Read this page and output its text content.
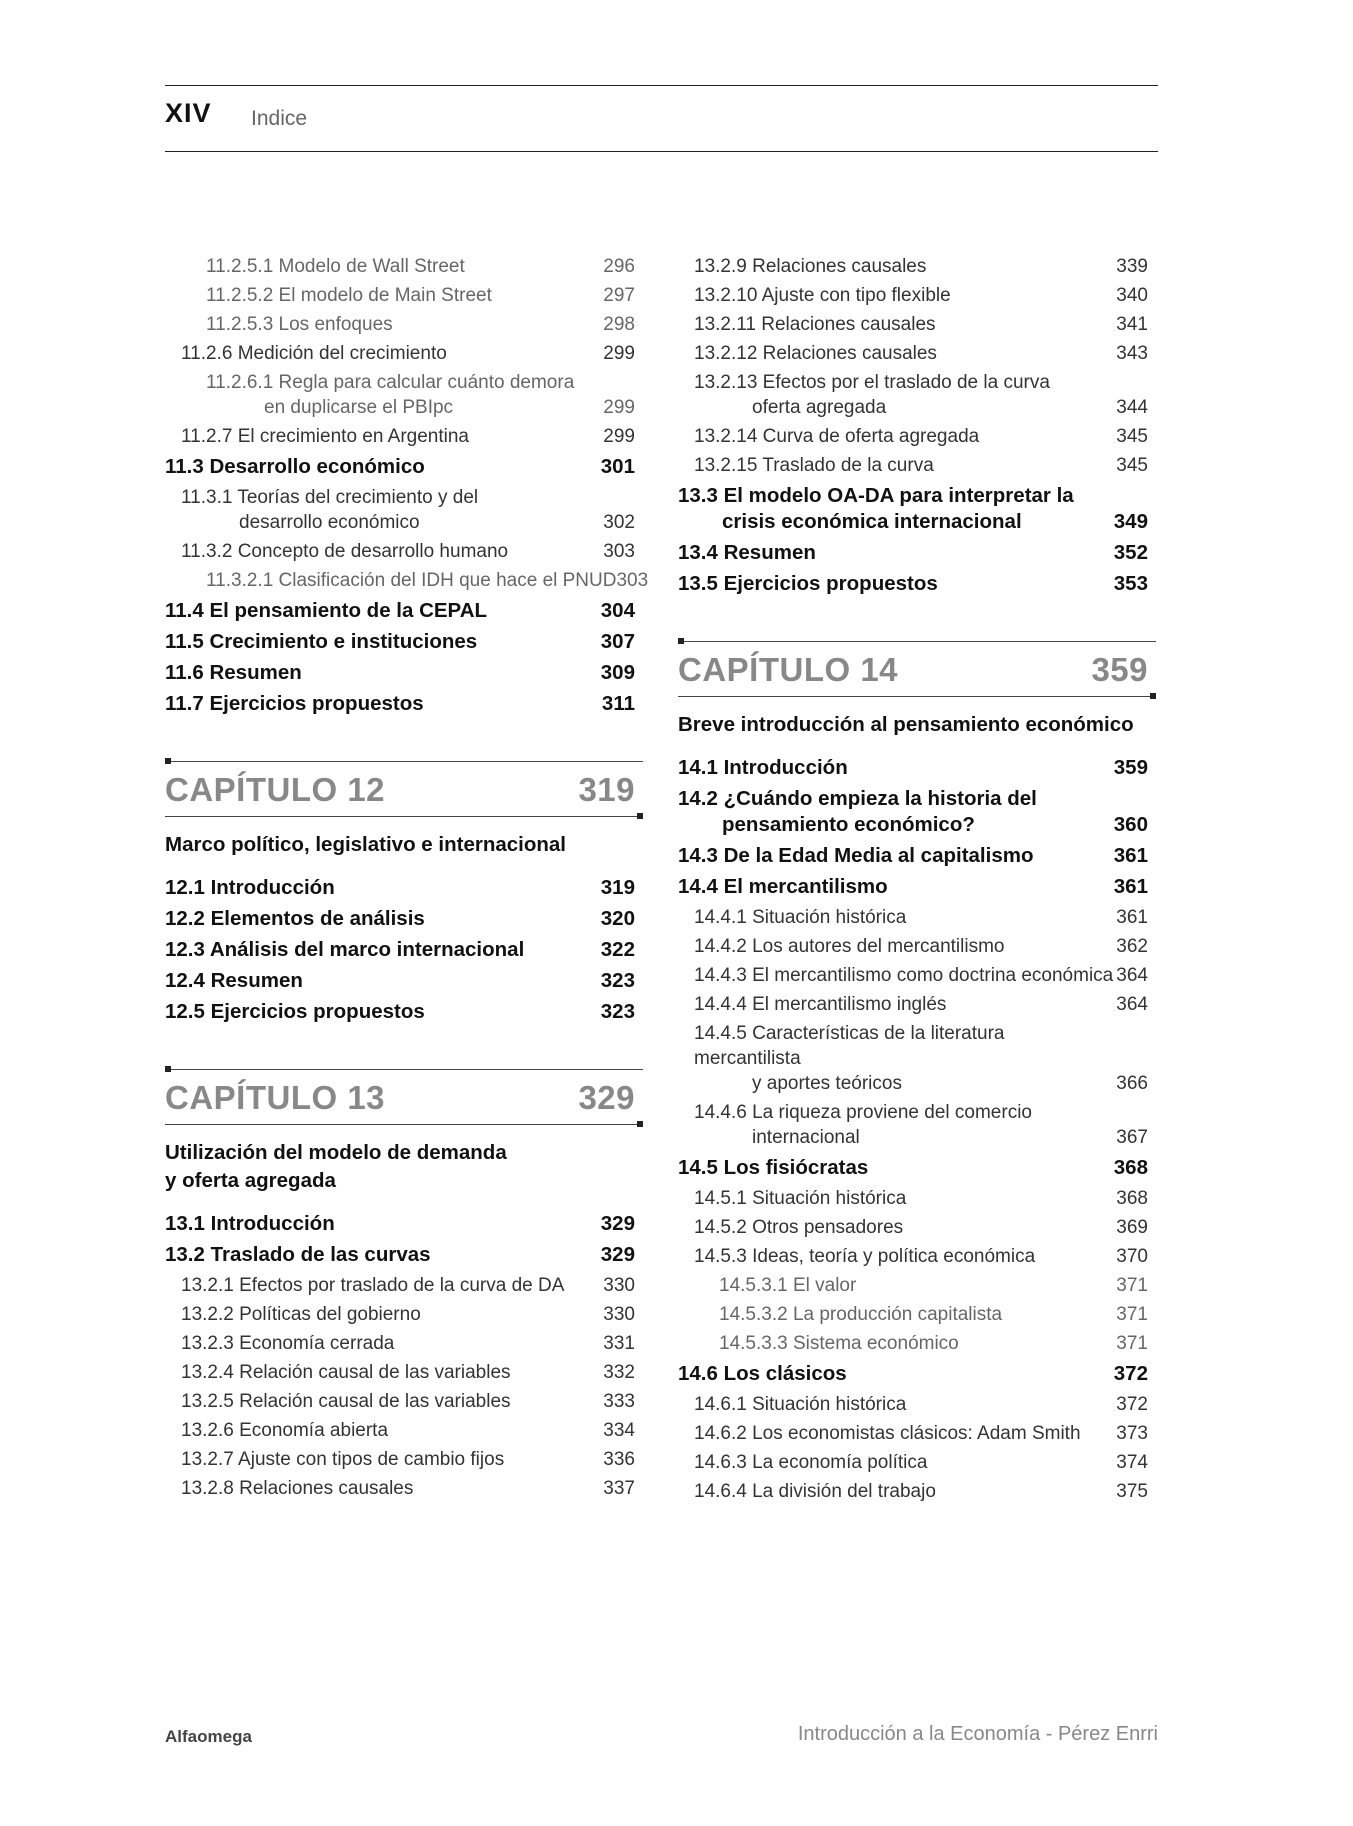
XIV Indice
11.2.5.1 Modelo de Wall Street	296
11.2.5.2 El modelo de Main Street	297
11.2.5.3 Los enfoques	298
11.2.6 Medición del crecimiento	299
11.2.6.1 Regla para calcular cuánto demora
en duplicarse el PBIpc	299
11.2.7 El crecimiento en Argentina	299
11.3 Desarrollo económico	301
11.3.1 Teorías del crecimiento y del
desarrollo económico	302
11.3.2 Concepto de desarrollo humano	303
11.3.2.1 Clasificación del IDH que hace el PNUD 303
11.4 El pensamiento de la CEPAL	304
11.5 Crecimiento e instituciones	307
11.6 Resumen	309
11.7 Ejercicios propuestos	311
CAPÍTULO 12	319
Marco político, legislativo e internacional
12.1 Introducción	319
12.2 Elementos de análisis	320
12.3 Análisis del marco internacional	322
12.4 Resumen	323
12.5 Ejercicios propuestos	323
CAPÍTULO 13	329
Utilización del modelo de demanda
y oferta agregada
13.1 Introducción	329
13.2 Traslado de las curvas	329
13.2.1 Efectos por traslado de la curva de DA 330
13.2.2 Políticas del gobierno	330
13.2.3 Economía cerrada	331
13.2.4 Relación causal de las variables	332
13.2.5 Relación causal de las variables	333
13.2.6 Economía abierta	334
13.2.7 Ajuste con tipos de cambio fijos	336
13.2.8 Relaciones causales	337
13.2.9 Relaciones causales	339
13.2.10 Ajuste con tipo flexible	340
13.2.11 Relaciones causales	341
13.2.12 Relaciones causales	343
13.2.13 Efectos por el traslado de la curva
oferta agregada	344
13.2.14 Curva de oferta agregada	345
13.2.15 Traslado de la curva	345
13.3 El modelo OA-DA para interpretar la
crisis económica internacional	349
13.4 Resumen	352
13.5 Ejercicios propuestos	353
CAPÍTULO 14	359
Breve introducción al pensamiento económico
14.1 Introducción	359
14.2 ¿Cuándo empieza la historia del
pensamiento económico?	360
14.3 De la Edad Media al capitalismo	361
14.4 El mercantilismo	361
14.4.1 Situación histórica	361
14.4.2 Los autores del mercantilismo	362
14.4.3 El mercantilismo como doctrina económica 364
14.4.4 El mercantilismo inglés	364
14.4.5 Características de la literatura mercantilista
y aportes teóricos	366
14.4.6 La riqueza proviene del comercio
internacional	367
14.5 Los fisiócratas	368
14.5.1 Situación histórica	368
14.5.2 Otros pensadores	369
14.5.3 Ideas, teoría y política económica	370
14.5.3.1 El valor	371
14.5.3.2 La producción capitalista	371
14.5.3.3 Sistema económico	371
14.6 Los clásicos	372
14.6.1 Situación histórica	372
14.6.2 Los economistas clásicos: Adam Smith 373
14.6.3 La economía política	374
14.6.4 La división del trabajo	375
Alfaomega	Introducción a la Economía - Pérez Enrri
